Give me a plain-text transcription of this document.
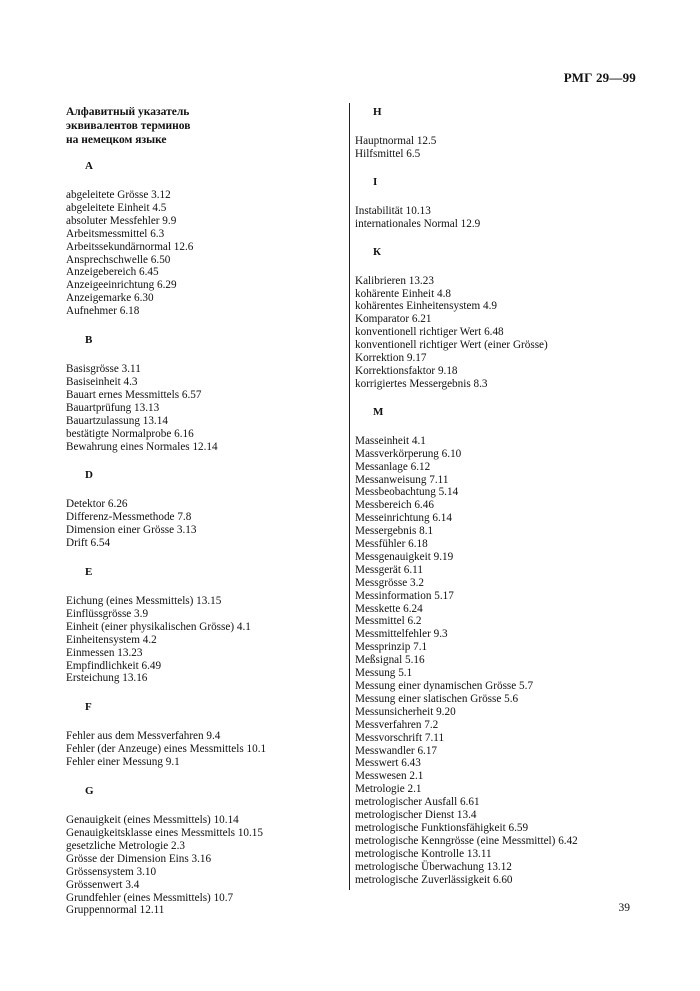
РМГ 29—99
Алфавитный указатель
эквивалентов терминов
на немецком языке
А
abgeleitete Grösse 3.12
abgeleitete Einheit 4.5
absoluter Messfehler 9.9
Arbeitsmessmittel 6.3
Arbeitssekundärnormal 12.6
Ansprechschwelle 6.50
Anzeigebereich 6.45
Anzeigeeinrichtung 6.29
Anzeigemarke 6.30
Aufnehmer 6.18
В
Basisgrösse 3.11
Basiseinheit 4.3
Bauart ernes Messmittels 6.57
Bauartprüfung 13.13
Bauartzulassung 13.14
bestätigte Normalprobe 6.16
Bewahrung eines Normales 12.14
D
Detektor 6.26
Differenz-Messmethode 7.8
Dimension einer Grösse 3.13
Drift 6.54
Е
Eichung (eines Messmittels) 13.15
Einflüssgrösse 3.9
Einheit (einer physikalischen Grösse) 4.1
Einheitensystem 4.2
Einmessen 13.23
Empfindlichkeit 6.49
Ersteichung 13.16
F
Fehler aus dem Messverfahren 9.4
Fehler (der Anzeuge) eines Messmittels 10.1
Fehler einer Messung 9.1
G
Genauigkeit (eines Messmittels) 10.14
Genauigkeitsklasse eines Messmittels 10.15
gesetzliche Metrologie 2.3
Grösse der Dimension Eins 3.16
Grössensystem 3.10
Grössenwert 3.4
Grundfehler (eines Messmittels) 10.7
Gruppennormal 12.11
Н
Hauptnormal 12.5
Hilfsmittel 6.5
I
Instabilität 10.13
internationales Normal 12.9
К
Kalibrieren 13.23
kohärente Einheit 4.8
kohärentes Einheitensystem 4.9
Komparator 6.21
konventionell richtiger Wert 6.48
konventionell richtiger Wert (einer Grösse)
Korrektion 9.17
Korrektionsfaktor 9.18
korrigiertes Messergebnis 8.3
М
Masseinheit 4.1
Massverkörperung 6.10
Messanlage 6.12
Messanweisung 7.11
Messbeobachtung 5.14
Messbereich 6.46
Messeinrichtung 6.14
Messergebnis 8.1
Messfühler 6.18
Messgenauigkeit 9.19
Messgerät 6.11
Messgrösse 3.2
Messinformation 5.17
Messkette 6.24
Messmittel 6.2
Messmittelfehler 9.3
Messprinzip 7.1
Meßsignal 5.16
Messung 5.1
Messung einer dynamischen Grösse 5.7
Messung einer slatischen Grösse 5.6
Messunsicherheit 9.20
Messverfahren 7.2
Messvorschrift 7.11
Messwandler 6.17
Messwert 6.43
Messwesen 2.1
Metrologie 2.1
metrologischer Ausfall 6.61
metrologischer Dienst 13.4
metrologische Funktionsfähigkeit 6.59
metrologische Kenngrösse (eine Messmittel) 6.42
metrologische Kontrolle 13.11
metrologische Überwachung 13.12
metrologische Zuverlässigkeit 6.60
39
